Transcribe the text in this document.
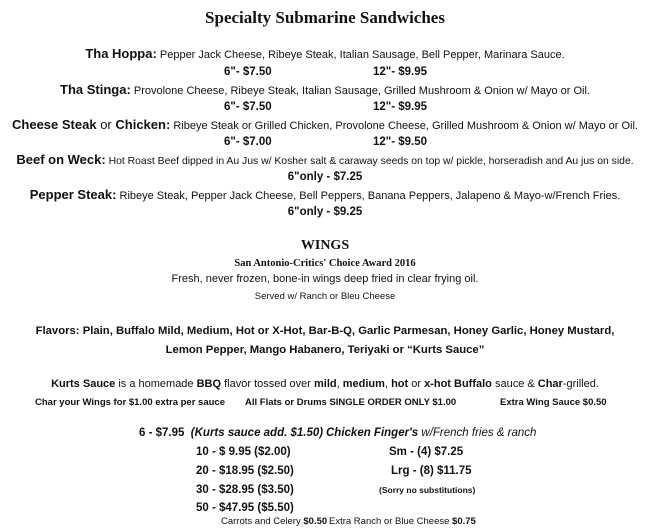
Specialty Submarine Sandwiches
Tha Hoppa: Pepper Jack Cheese, Ribeye Steak, Italian Sausage, Bell Pepper, Marinara Sauce.
6"- $7.50	12"- $9.95
Tha Stinga: Provolone Cheese, Ribeye Steak, Italian Sausage, Grilled Mushroom & Onion w/ Mayo or Oil.
6"- $7.50	12"- $9.95
Cheese Steak or Chicken: Ribeye Steak or Grilled Chicken, Provolone Cheese, Grilled Mushroom & Onion w/ Mayo or Oil.
6"- $7.00	12"- $9.50
Beef on Weck: Hot Roast Beef dipped in Au Jus w/ Kosher salt & caraway seeds on top w/ pickle, horseradish and Au jus on side.
6"only - $7.25
Pepper Steak: Ribeye Steak, Pepper Jack Cheese, Bell Peppers, Banana Peppers, Jalapeno & Mayo-w/French Fries.
6"only - $9.25
WINGS
San Antonio-Critics' Choice Award 2016
Fresh, never frozen, bone-in wings deep fried in clear frying oil.
Served w/ Ranch or Bleu Cheese
Flavors: Plain, Buffalo Mild, Medium, Hot or X-Hot, Bar-B-Q, Garlic Parmesan, Honey Garlic, Honey Mustard,
Lemon Pepper, Mango Habanero, Teriyaki or “Kurts Sauce”
Kurts Sauce is a homemade BBQ flavor tossed over mild, medium, hot or x-hot Buffalo sauce & Char-grilled.
Char your Wings for $1.00 extra per sauce All Flats or Drums SINGLE ORDER ONLY $1.00	Extra Wing Sauce $0.50
6 - $7.95 (Kurts sauce add. $1.50)
10 - $ 9.95 ($2.00)
20 - $18.95 ($2.50)
30 - $28.95 ($3.50)
50 - $47.95 ($5.50)
Chicken Finger's w/French fries & ranch
Sm - (4) $7.25
Lrg - (8) $11.75
(Sorry no substitutions)
Carrots and Celery $0.50 Extra Ranch or Blue Cheese $0.75
